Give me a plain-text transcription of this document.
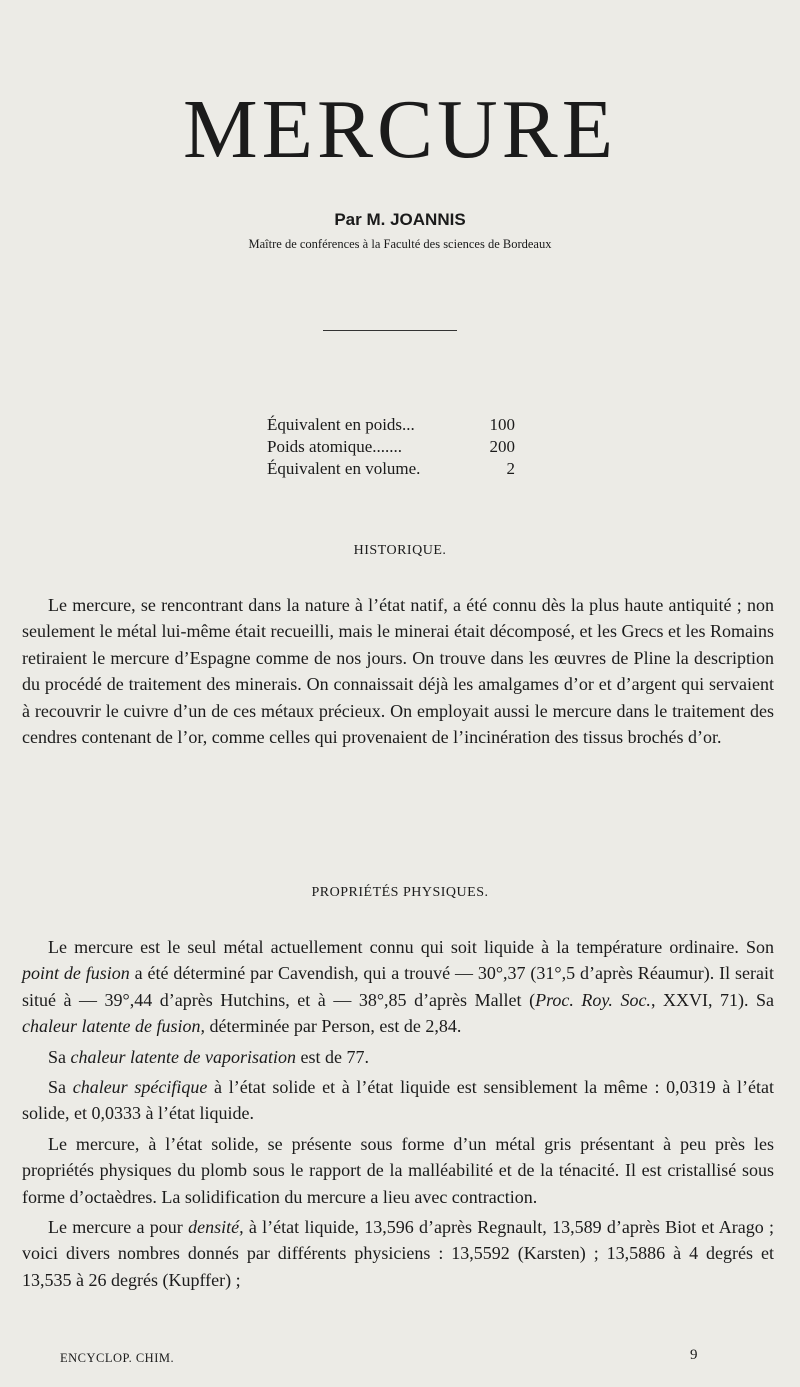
MERCURE
Par M. JOANNIS
Maître de conférences à la Faculté des sciences de Bordeaux
Équivalent en poids...	100
Poids atomique.......	200
Équivalent en volume.	2
HISTORIQUE.

Le mercure, se rencontrant dans la nature à l’état natif, a été connu dès la plus haute antiquité ; non seulement le métal lui-même était recueilli, mais le minerai était décomposé, et les Grecs et les Romains retiraient le mercure d’Espagne comme de nos jours. On trouve dans les œuvres de Pline la description du procédé de traitement des minerais. On connaissait déjà les amalgames d’or et d’argent qui servaient à recouvrir le cuivre d’un de ces métaux précieux. On employait aussi le mercure dans le traitement des cendres contenant de l’or, comme celles qui provenaient de l’incinération des tissus brochés d’or.

PROPRIÉTÉS PHYSIQUES.

Le mercure est le seul métal actuellement connu qui soit liquide à la température ordinaire. Son point de fusion a été déterminé par Cavendish, qui a trouvé — 30°,37 (31°,5 d’après Réaumur). Il serait situé à — 39°,44 d’après Hutchins, et à — 38°,85 d’après Mallet (Proc. Roy. Soc., XXVI, 71). Sa chaleur latente de fusion, déterminée par Person, est de 2,84.

Sa chaleur latente de vaporisation est de 77.

Sa chaleur spécifique à l’état solide et à l’état liquide est sensiblement la même : 0,0319 à l’état solide, et 0,0333 à l’état liquide.

Le mercure, à l’état solide, se présente sous forme d’un métal gris présentant à peu près les propriétés physiques du plomb sous le rapport de la malléabilité et de la ténacité. Il est cristallisé sous forme d’octaèdres. La solidification du mercure a lieu avec contraction.

Le mercure a pour densité, à l’état liquide, 13,596 d’après Regnault, 13,589 d’après Biot et Arago ; voici divers nombres donnés par différents physiciens : 13,5592 (Karsten) ; 13,5886 à 4 degrés et 13,535 à 26 degrés (Kupffer) ;

ENCYCLOP. CHIM.	9
